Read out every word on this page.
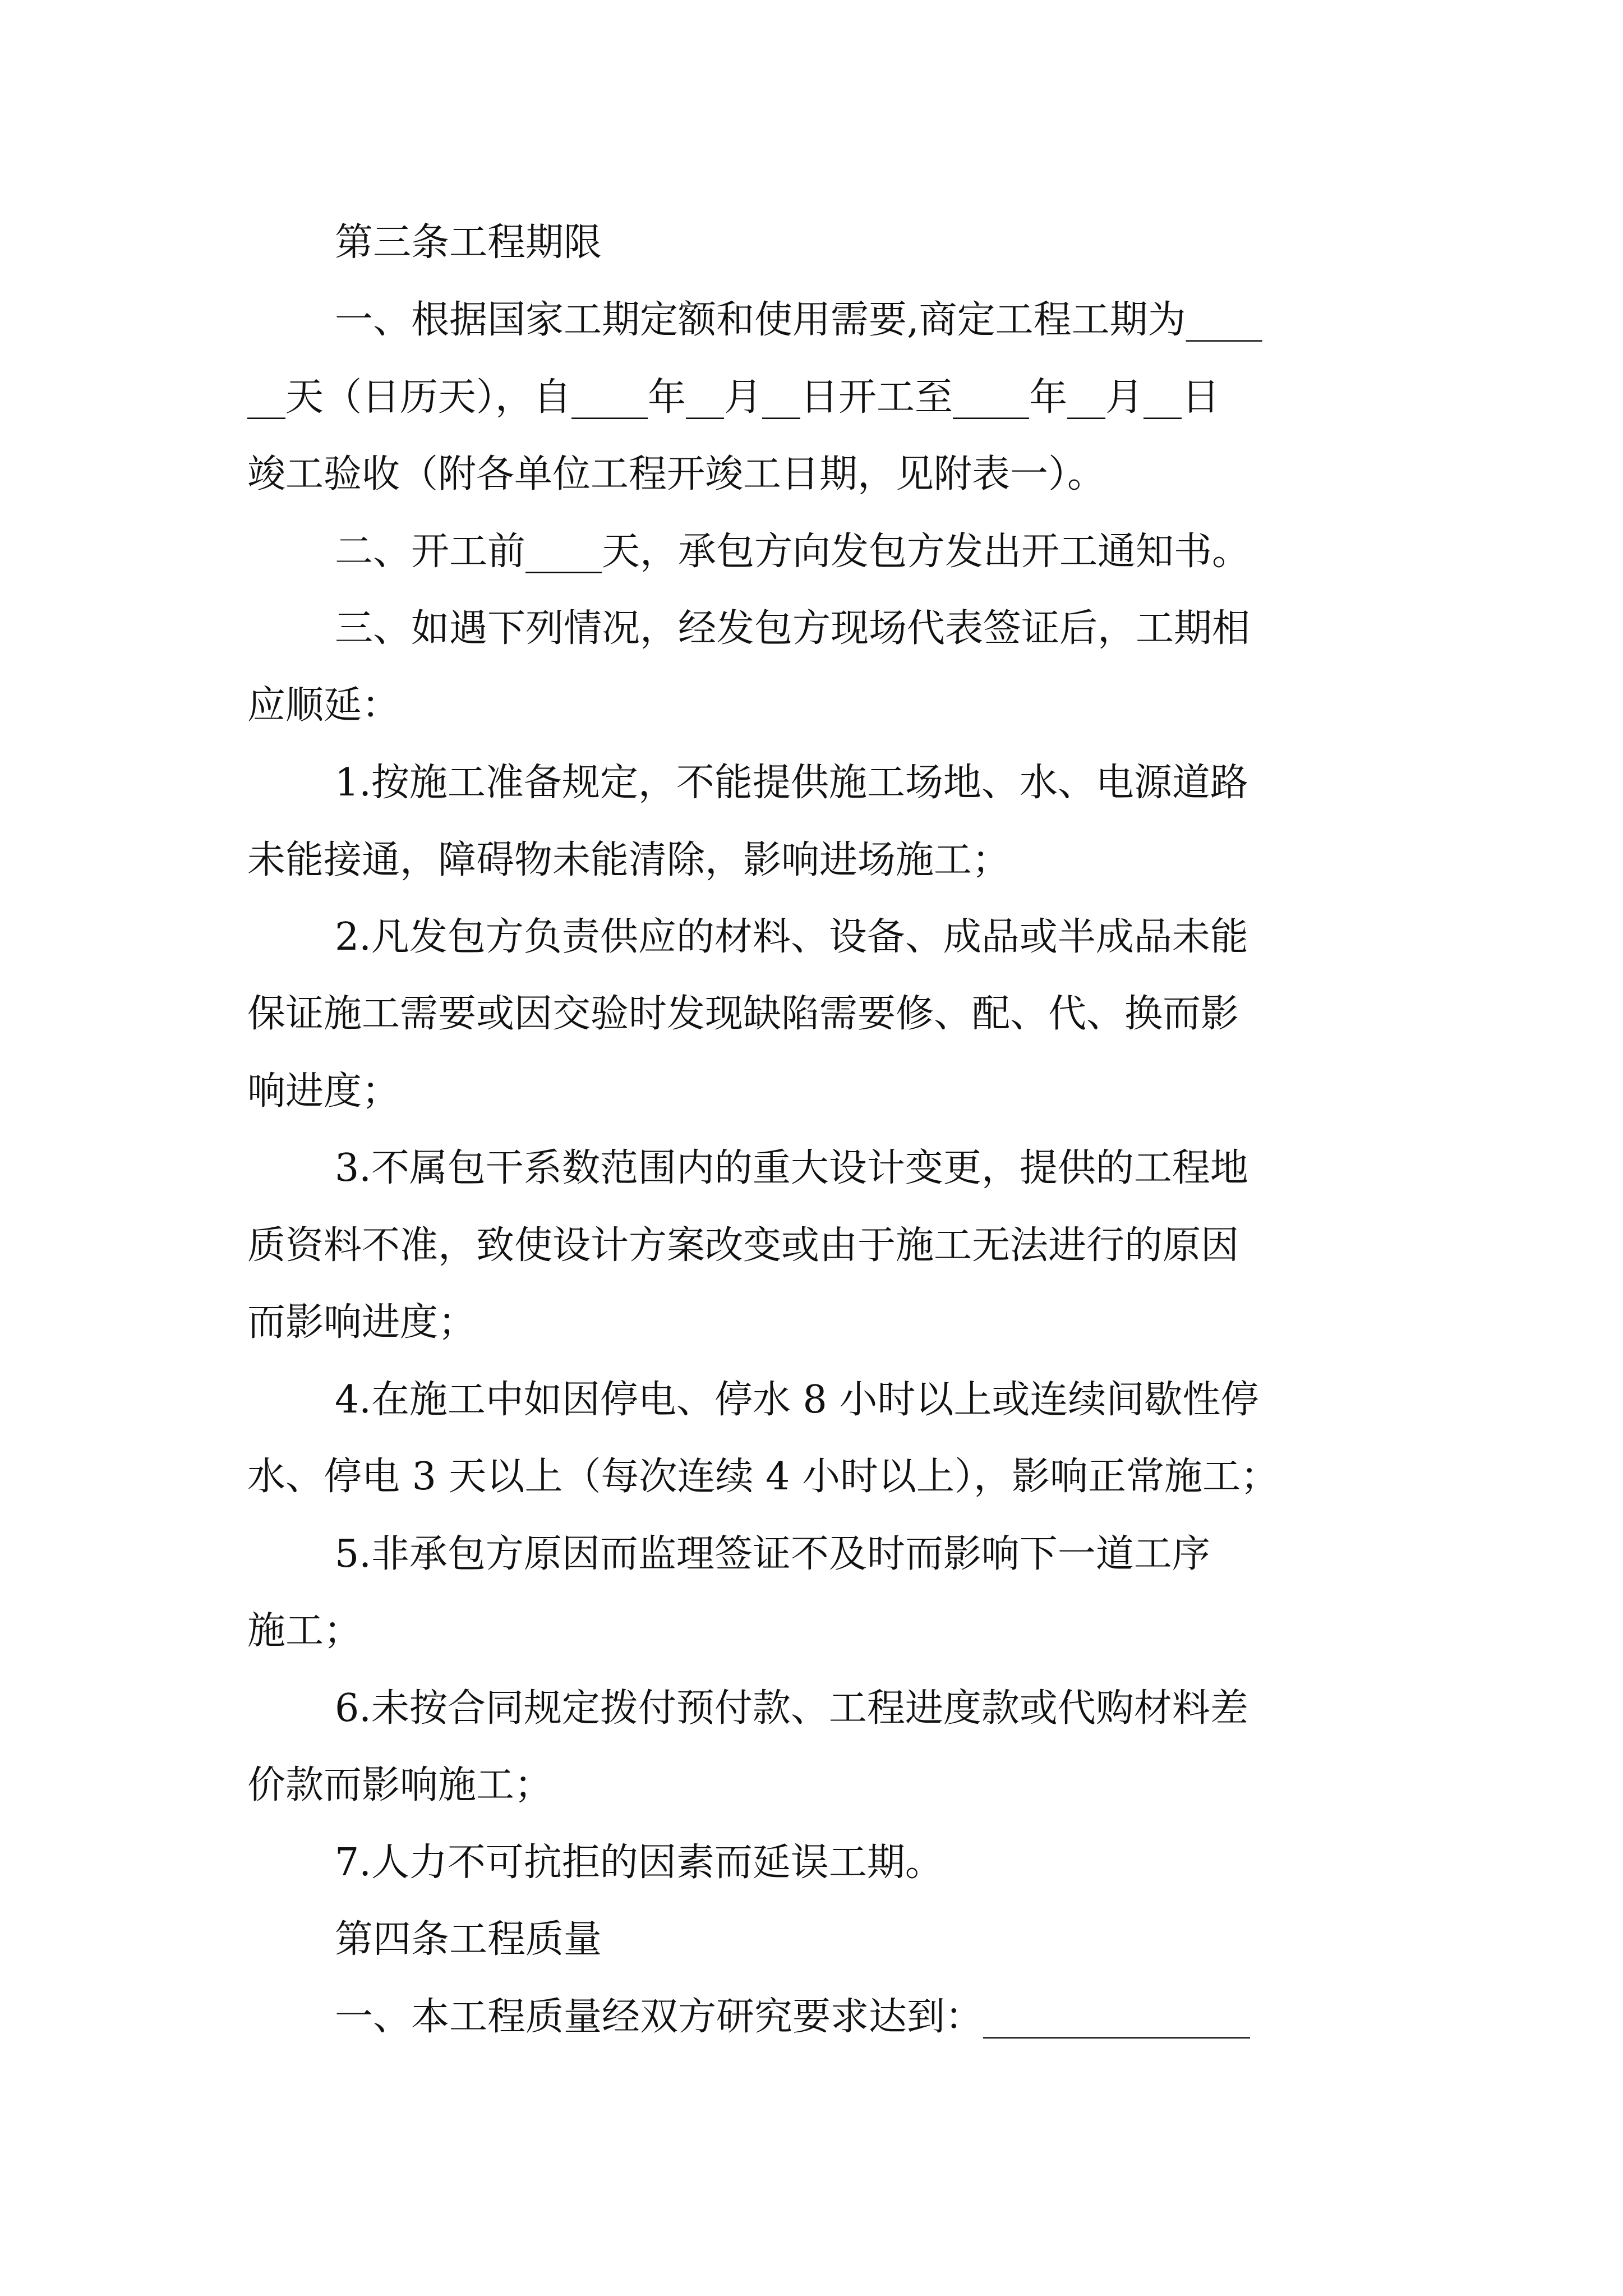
第三条工程期限
一、根据国家工期定额和使用需要,商定工程工期为____
__天（日历天），自____年__月__日开工至____年__月__日
竣工验收（附各单位工程开竣工日期，见附表一）。
二、开工前____天，承包方向发包方发出开工通知书。
三、如遇下列情况，经发包方现场代表签证后，工期相
应顺延：
1.按施工准备规定，不能提供施工场地、水、电源道路
未能接通，障碍物未能清除，影响进场施工；
2.凡发包方负责供应的材料、设备、成品或半成品未能
保证施工需要或因交验时发现缺陷需要修、配、代、换而影
响进度；
3.不属包干系数范围内的重大设计变更，提供的工程地
质资料不准，致使设计方案改变或由于施工无法进行的原因
而影响进度；
4.在施工中如因停电、停水 8 小时以上或连续间歇性停
水、停电 3 天以上（每次连续 4 小时以上），影响正常施工；
5.非承包方原因而监理签证不及时而影响下一道工序
施工；
6.未按合同规定拨付预付款、工程进度款或代购材料差
价款而影响施工；
7.人力不可抗拒的因素而延误工期。
第四条工程质量
一、本工程质量经双方研究要求达到：______________
